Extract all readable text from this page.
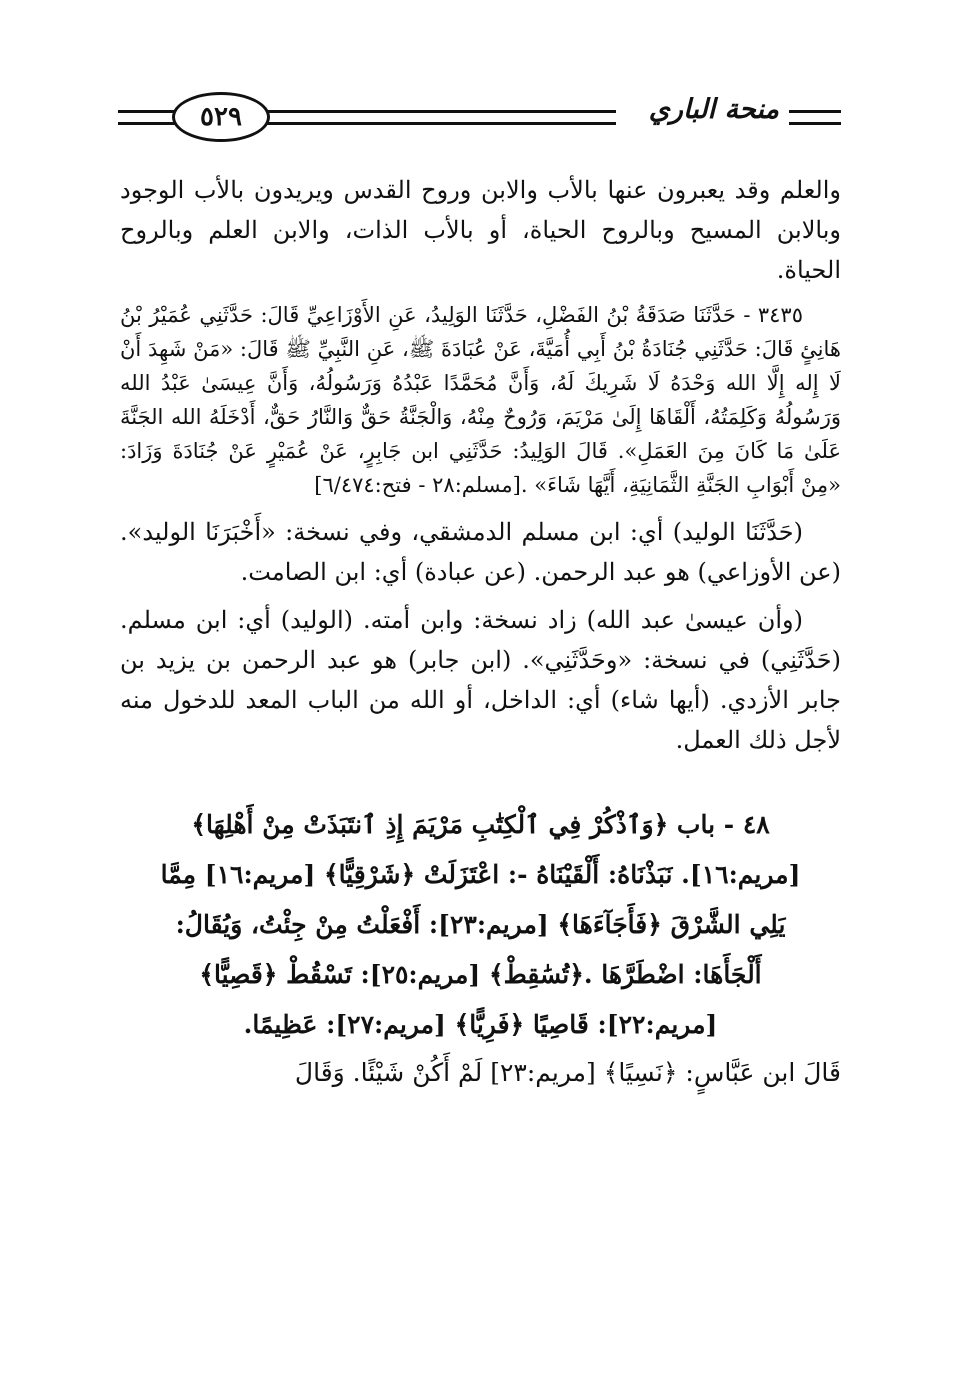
٥٢٩	منحة الباري

والعلم وقد يعبرون عنها بالأب والابن وروح القدس ويريدون بالأب الوجود وبالابن المسيح وبالروح الحياة، أو بالأب الذات، والابن العلم وبالروح الحياة.

٣٤٣٥ - حَدَّثَنَا صَدَقَةُ بْنُ الفَضْلِ، حَدَّثَنَا الوَلِيدُ، عَنِ الأَوْزَاعِيِّ قَالَ: حَدَّثَنِي عُمَيْرُ بْنُ هَانِئٍ قَالَ: حَدَّثَنِي جُنَادَةُ بْنُ أَبِي أُمَيَّةَ، عَنْ عُبَادَةَ ﷺ، عَنِ النَّبِيِّ ﷺ قَالَ: «مَنْ شَهِدَ أَنْ لَا إِله إِلَّا الله وَحْدَهُ لَا شَرِيكَ لَهُ، وَأَنَّ مُحَمَّدًا عَبْدُهُ وَرَسُولُهُ، وَأَنَّ عِيسَىٰ عَبْدُ الله وَرَسُولُهُ وَكَلِمَتُهُ، أَلْقَاهَا إِلَىٰ مَرْيَمَ، وَرُوحٌ مِنْهُ، وَالْجَنَّةُ حَقٌّ وَالنَّارُ حَقٌّ، أَدْخَلَهُ الله الجَنَّةَ عَلَىٰ مَا كَانَ مِنَ العَمَلِ». قَالَ الوَلِيدُ: حَدَّثَنِي ابن جَابِرٍ، عَنْ عُمَيْرٍ عَنْ جُنَادَةَ وَزَادَ: «مِنْ أَبْوَابِ الجَنَّةِ الثَّمَانِيَةِ، أَيَّهَا شَاءَ» .[مسلم:٢٨ - فتح:٦/٤٧٤]

(حَدَّثَنَا الوليد) أي: ابن مسلم الدمشقي، وفي نسخة: «أَخْبَرَنَا الوليد». (عن الأوزاعي) هو عبد الرحمن. (عن عبادة) أي: ابن الصامت.

(وأن عيسىٰ عبد الله) زاد نسخة: وابن أمته. (الوليد) أي: ابن مسلم. (حَدَّثَنِي) في نسخة: «وحَدَّثَنِي». (ابن جابر) هو عبد الرحمن بن يزيد بن جابر الأزدي. (أيها شاء) أي: الداخل، أو الله من الباب المعد للدخول منه لأجل ذلك العمل.

٤٨ - باب ﴿وَٱذْكُرْ فِي ٱلْكِتَٰبِ مَرْيَمَ إِذِ ٱنتَبَذَتْ مِنْ أَهْلِهَا﴾
[مريم:١٦]. نَبَذْنَاهُ: أَلْقَيْنَاهُ -: اعْتَزَلَتْ ﴿شَرْقِيًّا﴾ [مريم:١٦] مِمَّا
يَلِي الشَّرْقَ ﴿فَأَجَآءَهَا﴾ [مريم:٢٣]: أَفْعَلْتُ مِنْ جِئْتُ، وَيُقَالُ:
أَلْجَأَهَا: اضْطَرَّهَا .﴿تُسَٰقِطْ﴾ [مريم:٢٥]: تَسْقُطْ ﴿قَصِيًّا﴾
[مريم:٢٢]: قَاصِيًا ﴿فَرِيًّا﴾ [مريم:٢٧]: عَظِيمًا.

قَالَ ابن عَبَّاسٍ: ﴿نَسِيًا﴾ [مريم:٢٣] لَمْ أَكُنْ شَيْئًا. وَقَالَ
